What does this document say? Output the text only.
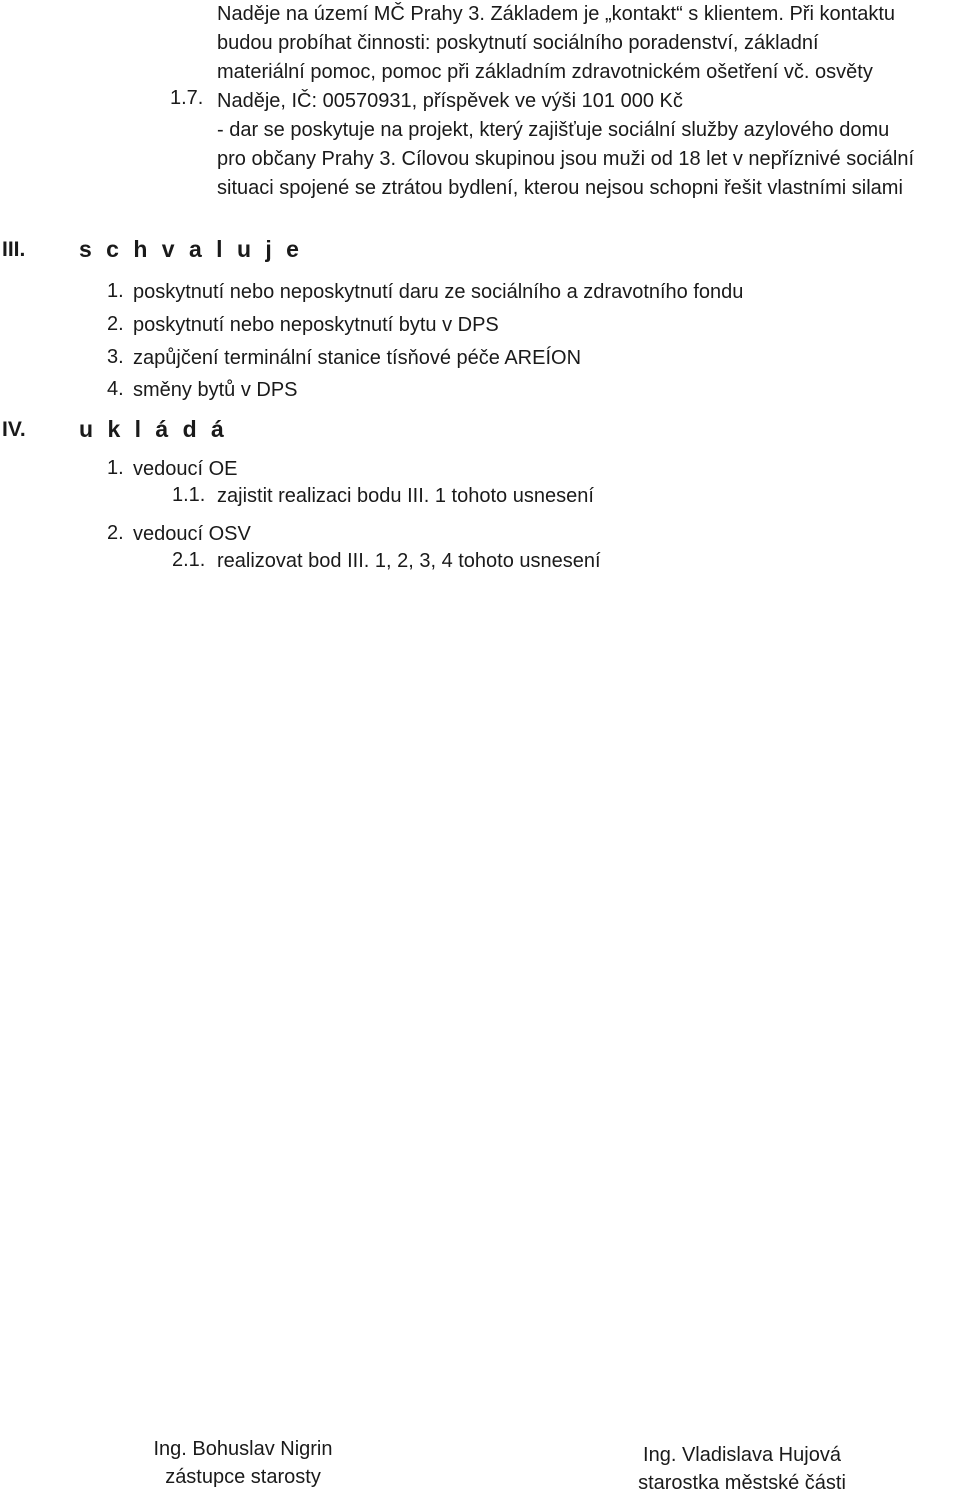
Naděje na území MČ Prahy 3. Základem je „kontakt“ s klientem. Při kontaktu
budou probíhat činnosti: poskytnutí sociálního poradenství, základní
materiální pomoc, pomoc při základním zdravotnickém ošetření vč. osvěty
1.7. Naděje, IČ: 00570931, příspěvek ve výši 101 000 Kč
- dar se poskytuje na projekt, který zajišťuje sociální služby azylového domu
pro občany Prahy 3. Cílovou skupinou jsou muži od 18 let v nepříznivé sociální
situaci spojené se ztrátou bydlení, kterou nejsou schopni řešit vlastními silami
III. s c h v a l u j e
1. poskytnutí nebo neposkytnutí daru ze sociálního a zdravotního fondu
2. poskytnutí nebo neposkytnutí bytu v DPS
3. zapůjčení terminální stanice tísňové péče AREÍON
4. směny bytů v DPS
IV. u k l á d á
1. vedoucí OE
1.1. zajistit realizaci bodu III. 1 tohoto usnesení
2. vedoucí OSV
2.1. realizovat bod III. 1, 2, 3, 4 tohoto usnesení
Ing. Bohuslav Nigrin
zástupce starosty
Ing. Vladislava Hujová
starostka městské části
